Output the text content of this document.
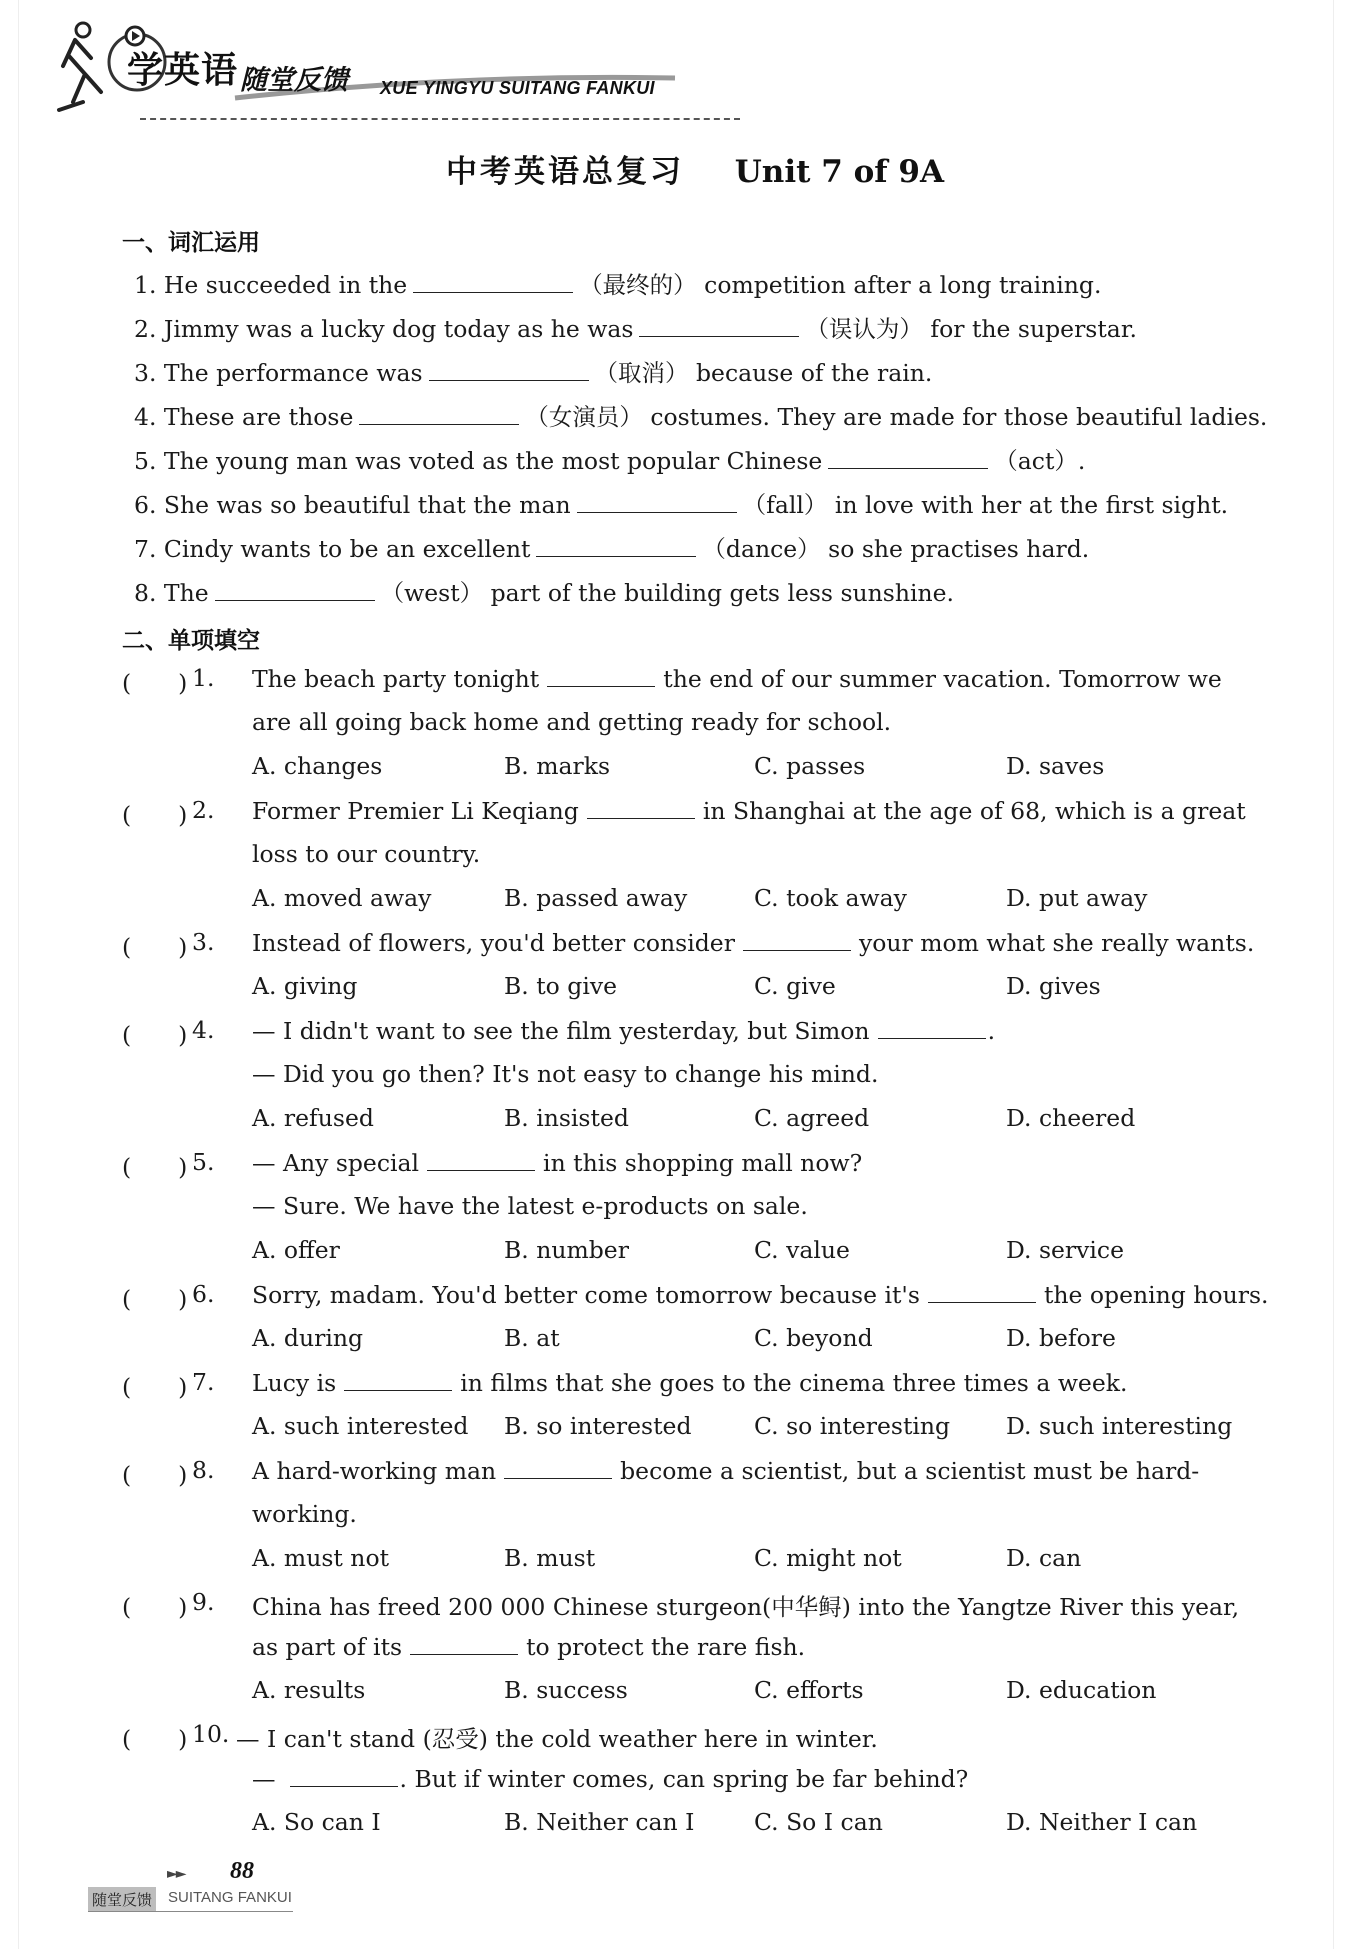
学英语 随堂反馈 XUE YINGYU SUITANG FANKUI
中考英语总复习 Unit 7 of 9A
一、词汇运用
1. He succeeded in the	（最终的） competition after a long training.
2. Jimmy was a lucky dog today as he was	（误认为） for the superstar.
3. The performance was	（取消） because of the rain.
4. These are those	（女演员） costumes. They are made for those beautiful ladies.
5. The young man was voted as the most popular Chinese	（act）.
6. She was so beautiful that the man	（fall） in love with her at the first sight.
7. Cindy wants to be an excellent	（dance） so she practises hard.
8. The	（west） part of the building gets less sunshine.
二、单项填空
(　　) 1. The beach party tonight	the end of our summer vacation. Tomorrow we
are all going back home and getting ready for school.
A. changes	B. marks	C. passes	D. saves
(　　) 2. Former Premier Li Keqiang	in Shanghai at the age of 68, which is a great
loss to our country.
A. moved away	B. passed away	C. took away	D. put away
(　　) 3. Instead of flowers, you'd better consider	your mom what she really wants.
A. giving	B. to give	C. give	D. gives
(　　) 4. — I didn't want to see the film yesterday, but Simon	.
— Did you go then? It's not easy to change his mind.
A. refused	B. insisted	C. agreed	D. cheered
(　　) 5. — Any special	in this shopping mall now?
— Sure. We have the latest e-products on sale.
A. offer	B. number	C. value	D. service
(　　) 6. Sorry, madam. You'd better come tomorrow because it's	the opening hours.
A. during	B. at	C. beyond	D. before
(　　) 7. Lucy is	in films that she goes to the cinema three times a week.
A. such interested B. so interested	C. so interesting D. such interesting
(　　) 8. A hard-working man	become a scientist, but a scientist must be hard-
working.
A. must not	B. must	C. might not	D. can
(　　) 9. China has freed 200 000 Chinese sturgeon(中华鲟) into the Yangtze River this year,
as part of its	to protect the rare fish.
A. results	B. success	C. efforts	D. education
(　　) 10. — I can't stand (忍受) the cold weather here in winter.
—	. But if winter comes, can spring be far behind?
A. So can I	B. Neither can I	C. So I can	D. Neither I can
►► 88
随堂反馈 SUITANG FANKUI
